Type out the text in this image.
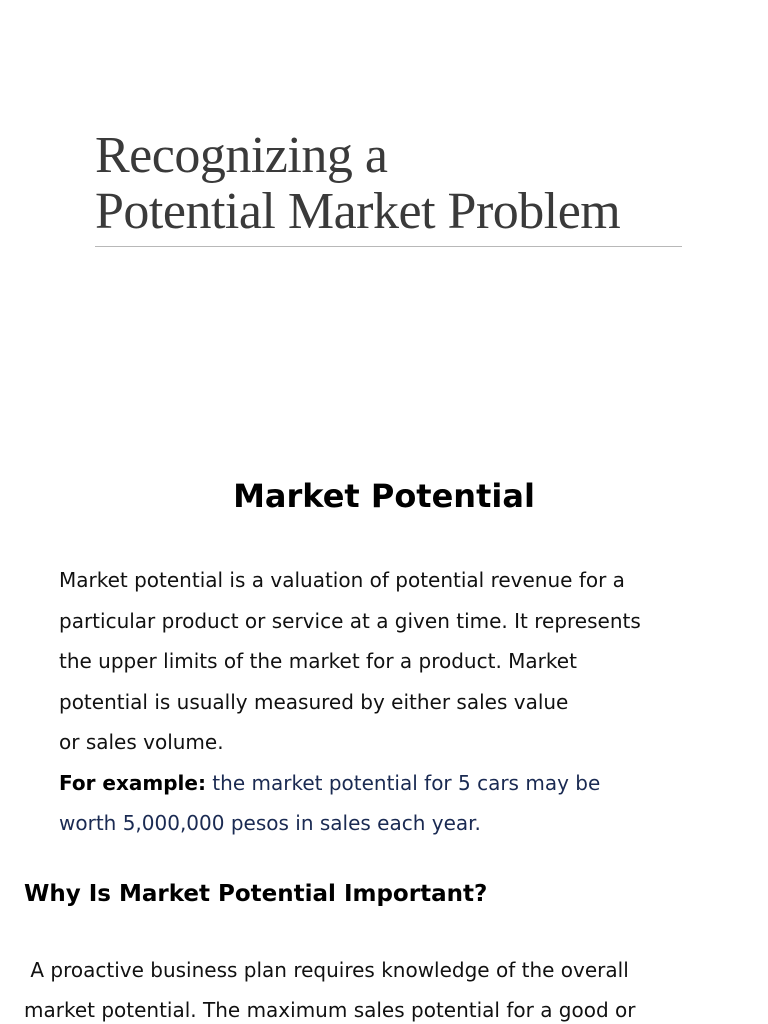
Recognizing a
Potential Market Problem
Market Potential

Market potential is a valuation of potential revenue for a

particular product or service at a given time. It represents

the upper limits of the market for a product. Market

potential is usually measured by either sales value

or sales volume.

For example: the market potential for 5 cars may be

worth 5,000,000 pesos in sales each year.

Why Is Market Potential Important?

A proactive business plan requires knowledge of the overall

market potential. The maximum sales potential for a good or
